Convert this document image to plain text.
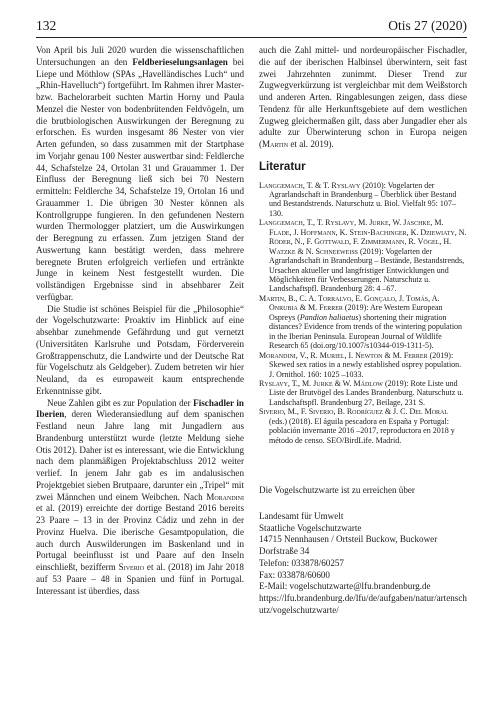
132	Otis 27 (2020)

Von April bis Juli 2020 wurden die wissenschaftlichen Untersuchungen an den Feldberieselungsanlagen bei Liepe und Möthlow (SPAs „Havelländisches Luch“ und „Rhin-Havelluch“) fortgeführt. Im Rahmen ihrer Master- bzw. Bachelorarbeit suchten Martin Horny und Paula Menzel die Nester von bodenbrütenden Feldvögeln, um die brutbiologischen Auswirkungen der Beregnung zu erforschen. Es wurden insgesamt 86 Nester von vier Arten gefunden, so dass zusammen mit der Startphase im Vorjahr genau 100 Nester auswertbar sind: Feldlerche 44, Schafstelze 24, Ortolan 31 und Grauammer 1. Der Einfluss der Beregnung ließ sich bei 70 Nestern ermitteln: Feldlerche 34, Schafstelze 19, Ortolan 16 und Grauammer 1. Die übrigen 30 Nester können als Kontrollgruppe fungieren. In den gefundenen Nestern wurden Thermologger platziert, um die Auswirkungen der Beregnung zu erfassen. Zum jetzigen Stand der Auswertung kann bestätigt werden, dass mehrere beregnete Bruten erfolgreich verliefen und ertränkte Junge in keinem Nest festgestellt wurden. Die vollständigen Ergebnisse sind in absehbarer Zeit verfügbar.

Die Studie ist schönes Beispiel für die „Philosophie“ der Vogelschutzwarte: Proaktiv im Hinblick auf eine absehbar zunehmende Gefährdung und gut vernetzt (Universitäten Karlsruhe und Potsdam, Förderverein Großtrappenschutz, die Landwirte und der Deutsche Rat für Vogelschutz als Geldgeber). Zudem betreten wir hier Neuland, da es europaweit kaum entsprechende Erkenntnisse gibt.

Neue Zahlen gibt es zur Population der Fischadler in Iberien, deren Wiederansiedlung auf dem spanischen Festland neun Jahre lang mit Jungadlern aus Brandenburg unterstützt wurde (letzte Meldung siehe Otis 2012). Daher ist es interessant, wie die Entwicklung nach dem planmäßigen Projektabschluss 2012 weiter verlief. In jenem Jahr gab es im andalusischen Projektgebiet sieben Brutpaare, darunter ein „Tripel“ mit zwei Männchen und einem Weibchen. Nach Morandini et al. (2019) erreichte der dortige Bestand 2016 bereits 23 Paare – 13 in der Provinz Cádiz und zehn in der Provinz Huelva. Die iberische Gesamtpopulation, die auch durch Auswilderungen im Baskenland und in Portugal beeinflusst ist und Paare auf den Inseln einschließt, bezifferm Siverio et al. (2018) im Jahr 2018 auf 53 Paare – 48 in Spanien und fünf in Portugal. Interessant ist überdies, dass

auch die Zahl mittel- und nordeuropäischer Fischadler, die auf der iberischen Halbinsel überwintern, seit fast zwei Jahrzehnten zunimmt. Dieser Trend zur Zugwegverkürzung ist vergleichbar mit dem Weißstorch und anderen Arten. Ringablesungen zeigen, dass diese Tendenz für alle Herkunftsgebiete auf dem westlichen Zugweg gleichermaßen gilt, dass aber Jungadler eher als adulte zur Überwinterung schon in Europa neigen (Martin et al. 2019).

Literatur

Langgemach, T. & T. Ryslavy (2010): Vogelarten der Agrarlandschaft in Brandenburg – Überblick über Bestand und Bestandstrends. Naturschutz u. Biol. Vielfalt 95: 107–130.

Langgemach, T., T. Ryslavy, M. Jurke, W. Jaschke, M. Flade, J. Hoffmann, K. Stein-Bachinger, K. Dziewiaty, N. Röder, N., F. Gottwald, F. Zimmermann, R. Vögel, H. Watzke & N. Schneeweiss (2019): Vogelarten der Agrarlandschaft in Brandenburg – Bestände, Bestandstrends, Ursachen aktueller und langfristiger Entwicklungen und Möglichkeiten für Verbesserungen. Naturschutz u. Landschaftspfl. Brandenburg 28: 4 –67.

Martin, B., C. A. Torralvo, E. Gonçalo, J. Tomás, A. Onrubia & M. Ferrer (2019): Are Western European Ospreys (Pandion haliaetus) shortening their migration distances? Evidence from trends of the wintering population in the Iberian Peninsula. European Journal of Wildlife Research 65 (doi.org/10.1007/s10344-019-1311-5).

Morandini, V., R. Muriel, I. Newton & M. Ferrer (2019): Skewed sex ratios in a newly established osprey population. J. Ornithol. 160: 1025 –1033.

Ryslavy, T., M. Jurke & W. Mädlow (2019): Rote Liste und Liste der Brutvögel des Landes Brandenburg. Naturschutz u. Landschaftspfl. Brandenburg 27, Beilage, 231 S.

Siverio, M., F. Siverio, B. Rodríguez & J. C. Del Moral (eds.) (2018). El águila pescadora en España y Portugal: población invernante 2016 –2017, reproductora en 2018 y método de censo. SEO/BirdLife. Madrid.

Die Vogelschutzwarte ist zu erreichen über

Landesamt für Umwelt
Staatliche Vogelschutzwarte
14715 Nennhausen / Ortsteil Buckow, Buckower Dorfstraße 34
Telefon: 033878/60257
Fax: 033878/60600
E-Mail: vogelschutzwarte@lfu.brandenburg.de
https://lfu.brandenburg.de/lfu/de/aufgaben/natur/artenschutz/vogelschutzwarte/
